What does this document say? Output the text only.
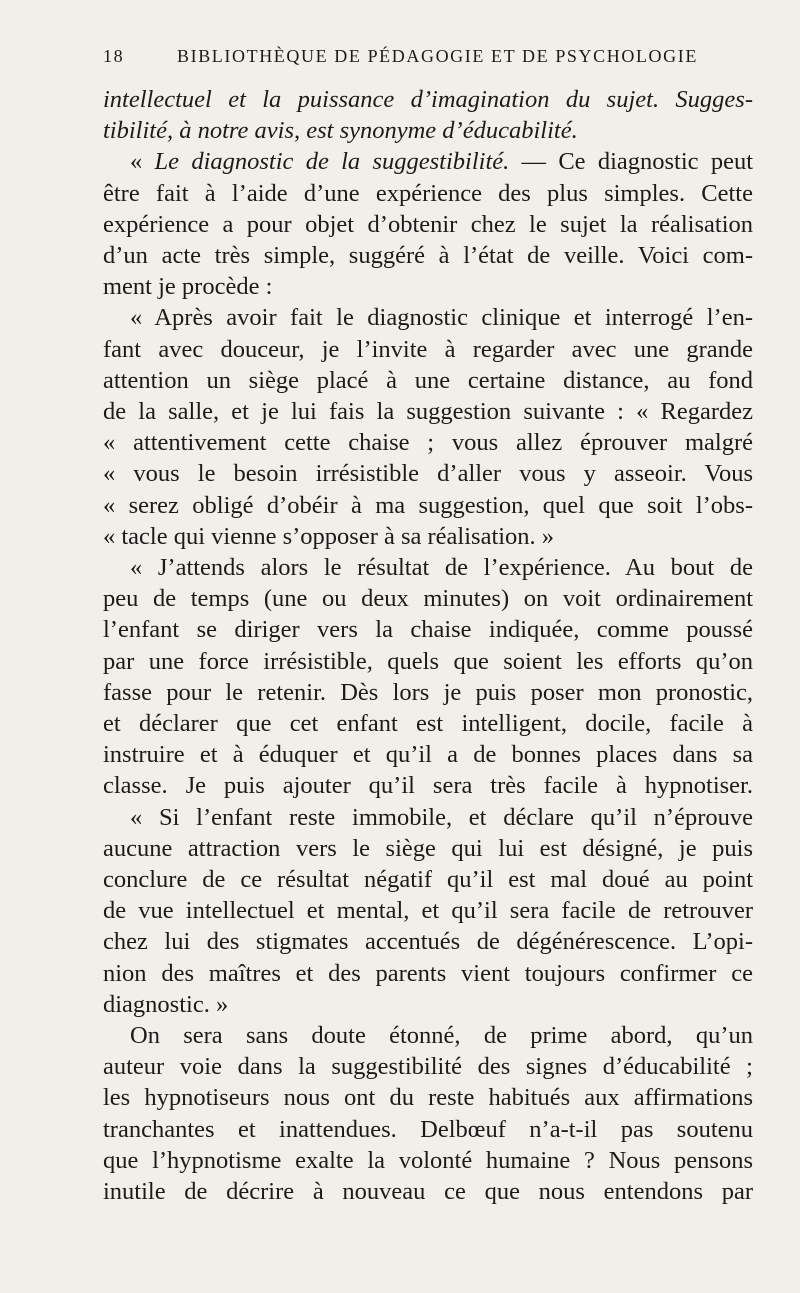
18	BIBLIOTHÈQUE DE PÉDAGOGIE ET DE PSYCHOLOGIE
intellectuel et la puissance d’imagination du sujet. Sugges-
tibilité, à notre avis, est synonyme d’éducabilité.
« Le diagnostic de la suggestibilité. — Ce diagnostic peut
être fait à l’aide d’une expérience des plus simples. Cette
expérience a pour objet d’obtenir chez le sujet la réalisation
d’un acte très simple, suggéré à l’état de veille. Voici com-
ment je procède :
« Après avoir fait le diagnostic clinique et interrogé l’en-
fant avec douceur, je l’invite à regarder avec une grande
attention un siège placé à une certaine distance, au fond
de la salle, et je lui fais la suggestion suivante : « Regardez
« attentivement cette chaise ; vous allez éprouver malgré
« vous le besoin irrésistible d’aller vous y asseoir. Vous
« serez obligé d’obéir à ma suggestion, quel que soit l’obs-
« tacle qui vienne s’opposer à sa réalisation. »
« J’attends alors le résultat de l’expérience. Au bout de
peu de temps (une ou deux minutes) on voit ordinairement
l’enfant se diriger vers la chaise indiquée, comme poussé
par une force irrésistible, quels que soient les efforts qu’on
fasse pour le retenir. Dès lors je puis poser mon pronostic,
et déclarer que cet enfant est intelligent, docile, facile à
instruire et à éduquer et qu’il a de bonnes places dans sa
classe. Je puis ajouter qu’il sera très facile à hypnotiser.
« Si l’enfant reste immobile, et déclare qu’il n’éprouve
aucune attraction vers le siège qui lui est désigné, je puis
conclure de ce résultat négatif qu’il est mal doué au point
de vue intellectuel et mental, et qu’il sera facile de retrouver
chez lui des stigmates accentués de dégénérescence. L’opi-
nion des maîtres et des parents vient toujours confirmer ce
diagnostic. »
On sera sans doute étonné, de prime abord, qu’un
auteur voie dans la suggestibilité des signes d’éducabilité ;
les hypnotiseurs nous ont du reste habitués aux affirmations
tranchantes et inattendues. Delbœuf n’a-t-il pas soutenu
que l’hypnotisme exalte la volonté humaine ? Nous pensons
inutile de décrire à nouveau ce que nous entendons par
